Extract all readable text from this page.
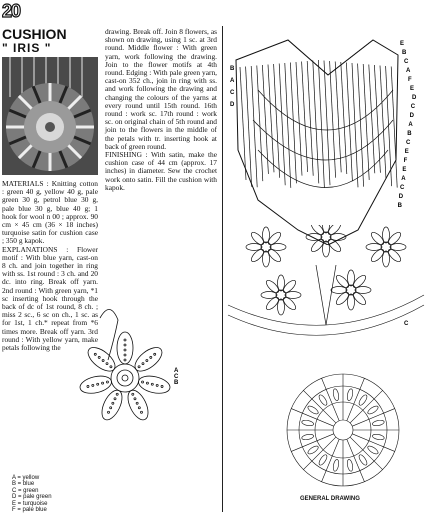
20
CUSHION
" IRIS "

MATERIALS : Knitting cotton : green 40 g, yellow 40 g, pale green 30 g, petrol blue 30 g, pale blue 30 g, blue 40 g; 1 hook for wool n 00 ; approx. 90 cm × 45 cm (36 × 18 inches) turquoise satin for cushion case ; 350 g kapok.

EXPLANATIONS : Flower motif : With blue yarn, cast-on 8 ch. and join together in ring with ss. 1st round : 3 ch. and 20 dc. into ring. Break off yarn. 2nd round : With green yarn, *1 sc inserting hook through the back of dc of 1st round, 8 ch. ; miss 2 sc., 6 sc on ch., 1 sc. as for 1st, 1 ch.* repeat from *6 times more. Break off yarn. 3rd round : With yellow yarn, make petals following the

drawing. Break off. Join 8 flowers, as shown on drawing, using 1 sc. at 3rd round. Middle flower : With green yarn, work following the drawing. Join to the flower motifs at 4th round. Edging : With pale green yarn, cast-on 352 ch., join in ring with ss. and work following the drawing and changing the colours of the yarns at every round until 15th round. 16th round : work sc. 17th round : work sc. on original chain of 5th round and join to the flowers in the middle of the petals with tr. inserting hook at back of green round.

FINISHING : With satin, make the cushion case of 44 cm (approx. 17 inches) in diameter. Sew the crochet work onto satin. Fill the cushion with kapok.

A
C
B
A = yellow
B = blue
C = green
D = pale green
E = turquoise
F = pale blue
E
B
C
A
F
E
D
C
D
A
B
C
E
F
E
A
C
D
B
B
A
C
D
C
GENERAL DRAWING
